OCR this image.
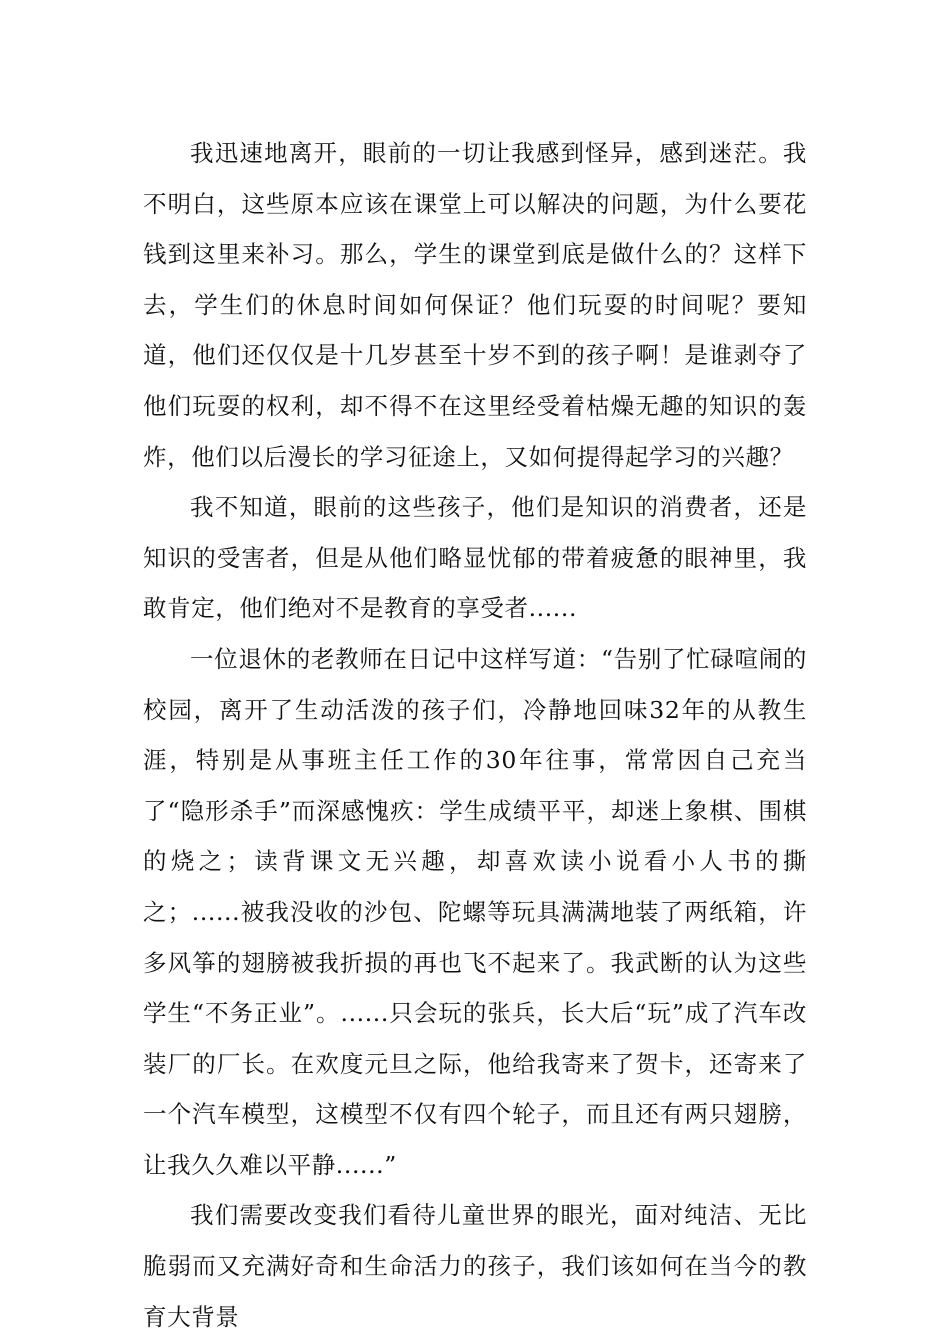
我迅速地离开，眼前的一切让我感到怪异，感到迷茫。我不明白，这些原本应该在课堂上可以解决的问题，为什么要花钱到这里来补习。那么，学生的课堂到底是做什么的？这样下去，学生们的休息时间如何保证？他们玩耍的时间呢？要知道，他们还仅仅是十几岁甚至十岁不到的孩子啊！是谁剥夺了他们玩耍的权利，却不得不在这里经受着枯燥无趣的知识的轰炸，他们以后漫长的学习征途上，又如何提得起学习的兴趣？

我不知道，眼前的这些孩子，他们是知识的消费者，还是知识的受害者，但是从他们略显忧郁的带着疲惫的眼神里，我敢肯定，他们绝对不是教育的享受者......

一位退休的老教师在日记中这样写道：“告别了忙碌喧闹的校园，离开了生动活泼的孩子们，冷静地回味32年的从教生涯，特别是从事班主任工作的30年往事，常常因自己充当了“隐形杀手”而深感愧疚：学生成绩平平，却迷上象棋、围棋的烧之；读背课文无兴趣，却喜欢读小说看小人书的撕之；......被我没收的沙包、陀螺等玩具满满地装了两纸箱，许多风筝的翅膀被我折损的再也飞不起来了。我武断的认为这些学生“不务正业”。......只会玩的张兵，长大后“玩”成了汽车改装厂的厂长。在欢度元旦之际，他给我寄来了贺卡，还寄来了一个汽车模型，这模型不仅有四个轮子，而且还有两只翅膀，让我久久难以平静......”

我们需要改变我们看待儿童世界的眼光，面对纯洁、无比脆弱而又充满好奇和生命活力的孩子，我们该如何在当今的教育大背景
